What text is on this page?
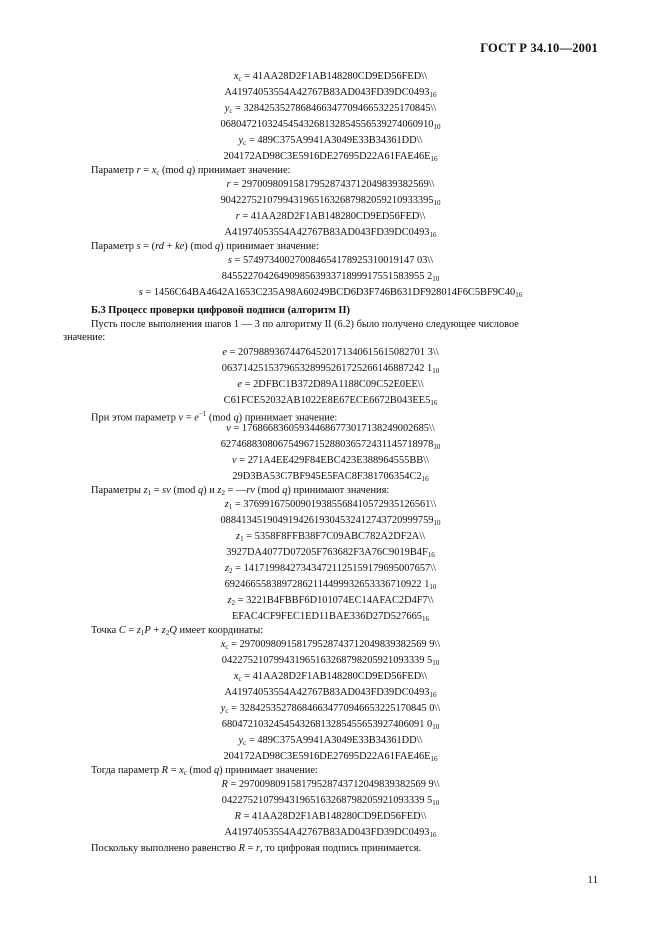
ГОСТ Р 34.10—2001
$x_c$ = 41AA28D2F1AB148280CD9ED56FED\\
$A41974053554A42767B83AD043FD39DC0493_{16}$
$y_c$ = 328425352786846634770946653225170845\\
$06804721032454543268132854556539274060910_{10}$
$y_c$ = 489C375A9941A3049E33B34361DD\\
$204172AD98C3E5916DE27695D22A61FAE46E_{16}$
Параметр $r = x_c$ (mod q) принимает значение:
r = 297009809158179528743712049839382569\\
$90422752107994319651632687982059210933395_{10}$
r = 41AA28D2F1AB148280CD9ED56FED\\
$A41974053554A42767B83AD043FD39DC0493_{16}$
Параметр s = (rd + ke) (mod q) принимает значение:
s = 574973400270084654178925310019147 03\\
845522704264909856393371899917551583955 $2_{10}$
$s = 1456C64BA4642A1653C235A98A60249BCD6D3F746B631DF928014F6C5BF9C40_{16}$
Б.3 Процесс проверки цифровой подписи (алгоритм II)
Пусть после выполнения шагов 1 — 3 по алгоритму II (6.2) было получено следующее числовое
значение:
e = 207988936744764520171340615615082701 3\\
063714251537965328995261725266146887242 $1_{10}$
e = 2DFBC1B372D89A1188C09C52E0EE\\
$C61FCE52032AB1022E8E67ECE6672B043EE5_{16}$
При этом параметр $v = e^{-1}$ (mod q) принимает значение:
v = 176866836059344686773017138249002685\\
$62746883080675496715288036572431145718978_{10}$
v = 271A4EE429F84EBC423E388964555BB\\
$29D3BA53C7BF945E5FAC8F381706354C2_{16}$
Параметры $z_1$ = sv (mod q) и $z_2$ = —rv (mod q) принимают значения:
$z_1$ = 376991675009019385568410572935126561\\
$08841345190491942619304532412743720999759_{10}$
$z_1$ = 5358F8FFB38F7C09ABC782A2DF2A\\
$3927DA4077D07205F763682F3A76C9019B4F_{16}$
$z_2$ = 141719984273434721125159179695007657\\
69246655838972862114499932653336710922 $1_{10}$
$z_2$ = 3221B4FBBF6D101074EC14AFAC2D4F7\\
$EFAC4CF9FEC1ED11BAE336D27D527665_{16}$
Точка $C = z_1P + z_2Q$ имеет координаты:
$x_c = 297009809158179528743712049839382569$ 9\\
042275210799431965163268798205921093339 $5_{10}$
$x_c$ = 41AA28D2F1AB148280CD9ED56FED\\
$A41974053554A42767B83AD043FD39DC0493_{16}$
$y_c = 328425352786846634770946653225170845$ 0\\
680472103245454326813285455653927406091 $0_{10}$
$y_c$ = 489C375A9941A3049E33B34361DD\\
$204172AD98C3E5916DE27695D22A61FAE46E_{16}$
Тогда параметр $R = x_c$ (mod q) принимает значение:
R = 297009809158179528743712049839382569 9\\
042275210799431965163268798205921093339 $5_{10}$
R = 41AA28D2F1AB148280CD9ED56FED\\
$A41974053554A42767B83AD043FD39DC0493_{16}$
Поскольку выполнено равенство R = r, то цифровая подпись принимается.
11
